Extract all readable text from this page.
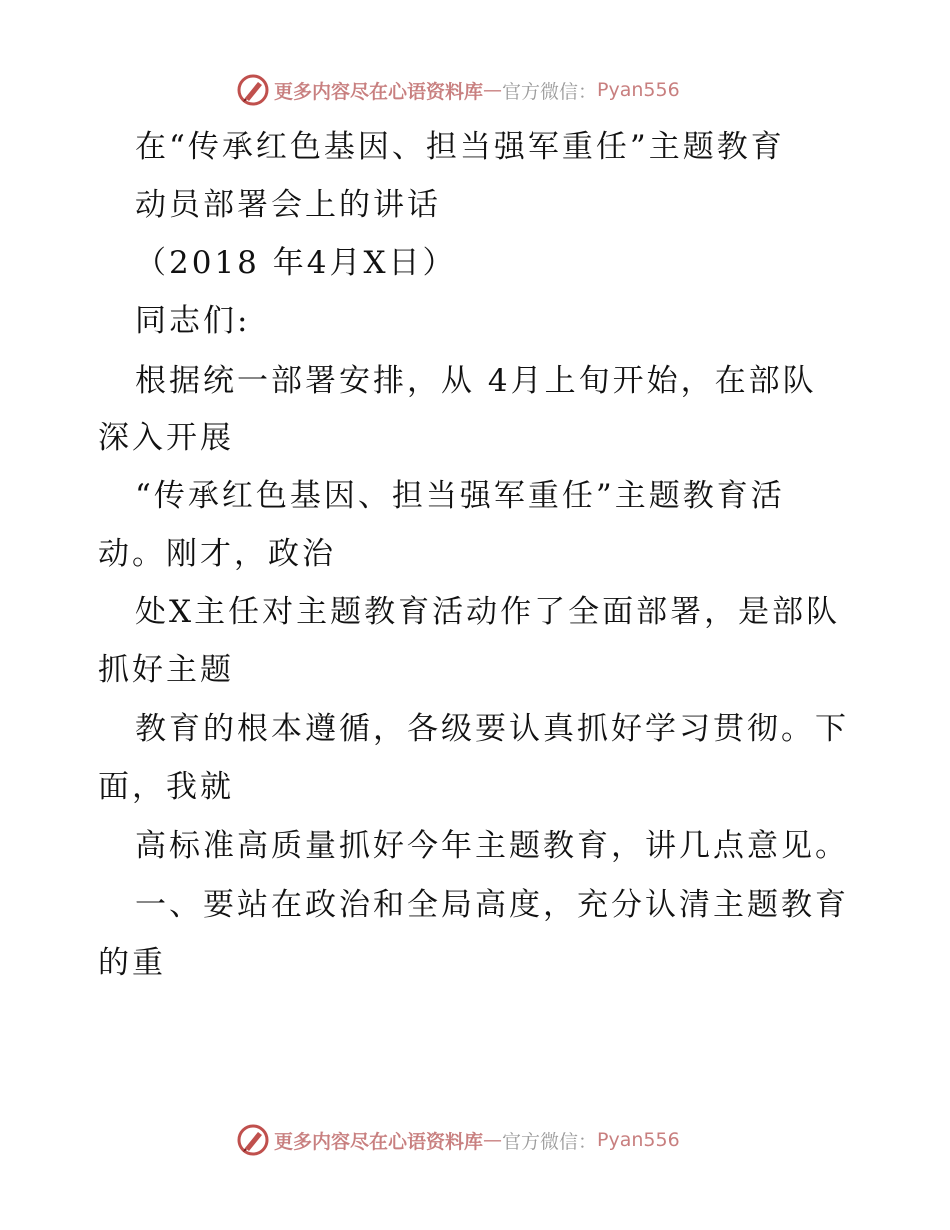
更多内容尽在心语资料库 — 官方微信： Pyan556
在“传承红色基因、担当强军重任”主题教育
动员部署会上的讲话
（2018 年4月X日）
同志们:
根据统一部署安排，从 4月上旬开始，在部队
深入开展
“传承红色基因、担当强军重任”主题教育活
动。刚才，政治
处X主任对主题教育活动作了全面部署，是部队
抓好主题
教育的根本遵循，各级要认真抓好学习贯彻。下
面，我就
高标准高质量抓好今年主题教育，讲几点意见。
一、要站在政治和全局高度，充分认清主题教育
的重
更多内容尽在心语资料库 — 官方微信： Pyan556
